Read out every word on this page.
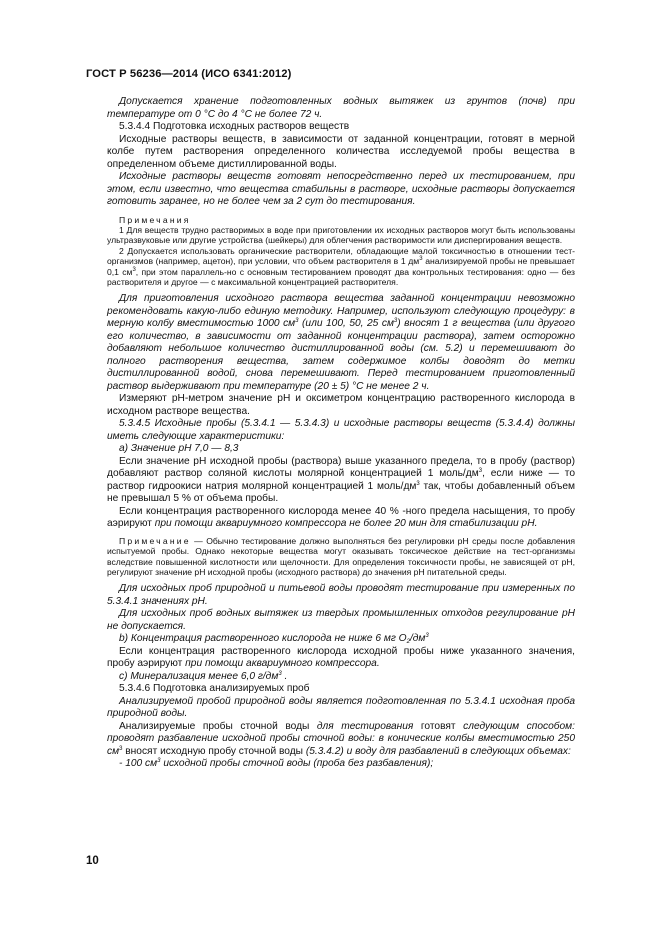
ГОСТ Р 56236—2014 (ИСО 6341:2012)

Допускается хранение подготовленных водных вытяжек из грунтов (почв) при температуре от 0 °С до 4 °С не более 72 ч.

5.3.4.4 Подготовка исходных растворов веществ

Исходные растворы веществ, в зависимости от заданной концентрации, готовят в мерной колбе путем растворения определенного количества исследуемой пробы вещества в определенном объеме дистиллированной воды.

Исходные растворы веществ готовят непосредственно перед их тестированием, при этом, если известно, что вещества стабильны в растворе, исходные растворы допускается готовить заранее, но не более чем за 2 сут до тестирования.

Примечания

1 Для веществ трудно растворимых в воде при приготовлении их исходных растворов могут быть использованы ультразвуковые или другие устройства (шейкеры) для облегчения растворимости или диспергирования веществ.

2 Допускается использовать органические растворители, обладающие малой токсичностью в отношении тест-организмов (например, ацетон), при условии, что объем растворителя в 1 $дм^3$ анализируемой пробы не превышает 0,1 $см^3$, при этом параллель-но с основным тестированием проводят два контрольных тестирования: одно — без растворителя и другое — с максимальной концентрацией растворителя.

Для приготовления исходного раствора вещества заданной концентрации невозможно рекомендовать какую-либо единую методику. Например, используют следующую процедуру: в мерную колбу вместимостью 1000 $см^3$ (или 100, 50, 25 $см^3$) вносят 1 г вещества (или другого его количество, в зависимости от заданной концентрации раствора), затем осторожно добавляют небольшое количество дистиллированной воды (см. 5.2) и перемешивают до полного растворения вещества, затем содержимое колбы доводят до метки дистиллированной водой, снова перемешивают. Перед тестированием приготовленный раствор выдерживают при температуре (20 ± 5) °С не менее 2 ч.

Измеряют pH-метром значение pH и оксиметром концентрацию растворенного кислорода в исходном растворе вещества.

5.3.4.5 Исходные пробы (5.3.4.1 — 5.3.4.3) и исходные растворы веществ (5.3.4.4) должны иметь следующие характеристики:

а) Значение pH 7,0 — 8,3

Если значение pH исходной пробы (раствора) выше указанного предела, то в пробу (раствор) добавляют раствор соляной кислоты молярной концентрацией 1 моль/$дм^3$, если ниже — то раствор гидроокиси натрия молярной концентрацией 1 моль/$дм^3$ так, чтобы добавленный объем не превышал 5 % от объема пробы.

Если концентрация растворенного кислорода менее 40 % -ного предела насыщения, то пробу аэрируют при помощи аквариумного компрессора не более 20 мин для стабилизации pH.

Примечание — Обычно тестирование должно выполняться без регулировки pH среды после добавления испытуемой пробы. Однако некоторые вещества могут оказывать токсическое действие на тест-организмы вследствие повышенной кислотности или щелочности. Для определения токсичности пробы, не зависящей от pH, регулируют значение pH исходной пробы (исходного раствора) до значения pH питательной среды.

Для исходных проб природной и питьевой воды проводят тестирование при измеренных по 5.3.4.1 значениях pH.

Для исходных проб водных вытяжек из твердых промышленных отходов регулирование pH не допускается.

b) Концентрация растворенного кислорода не ниже 6 мг $O_2/дм^3$

Если концентрация растворенного кислорода исходной пробы ниже указанного значения, пробу аэрируют при помощи аквариумного компрессора.

c) Минерализация менее 6,0 $г/дм^3$ .

5.3.4.6 Подготовка анализируемых проб

Анализируемой пробой природной воды является подготовленная по 5.3.4.1 исходная проба природной воды.

Анализируемые пробы сточной воды для тестирования готовят следующим способом: проводят разбавление исходной пробы сточной воды: в конические колбы вместимостью 250 $см^3$ вносят исходную пробу сточной воды (5.3.4.2) и воду для разбавлений в следующих объемах:

- 100 $см^3$ исходной пробы сточной воды (проба без разбавления);

10
